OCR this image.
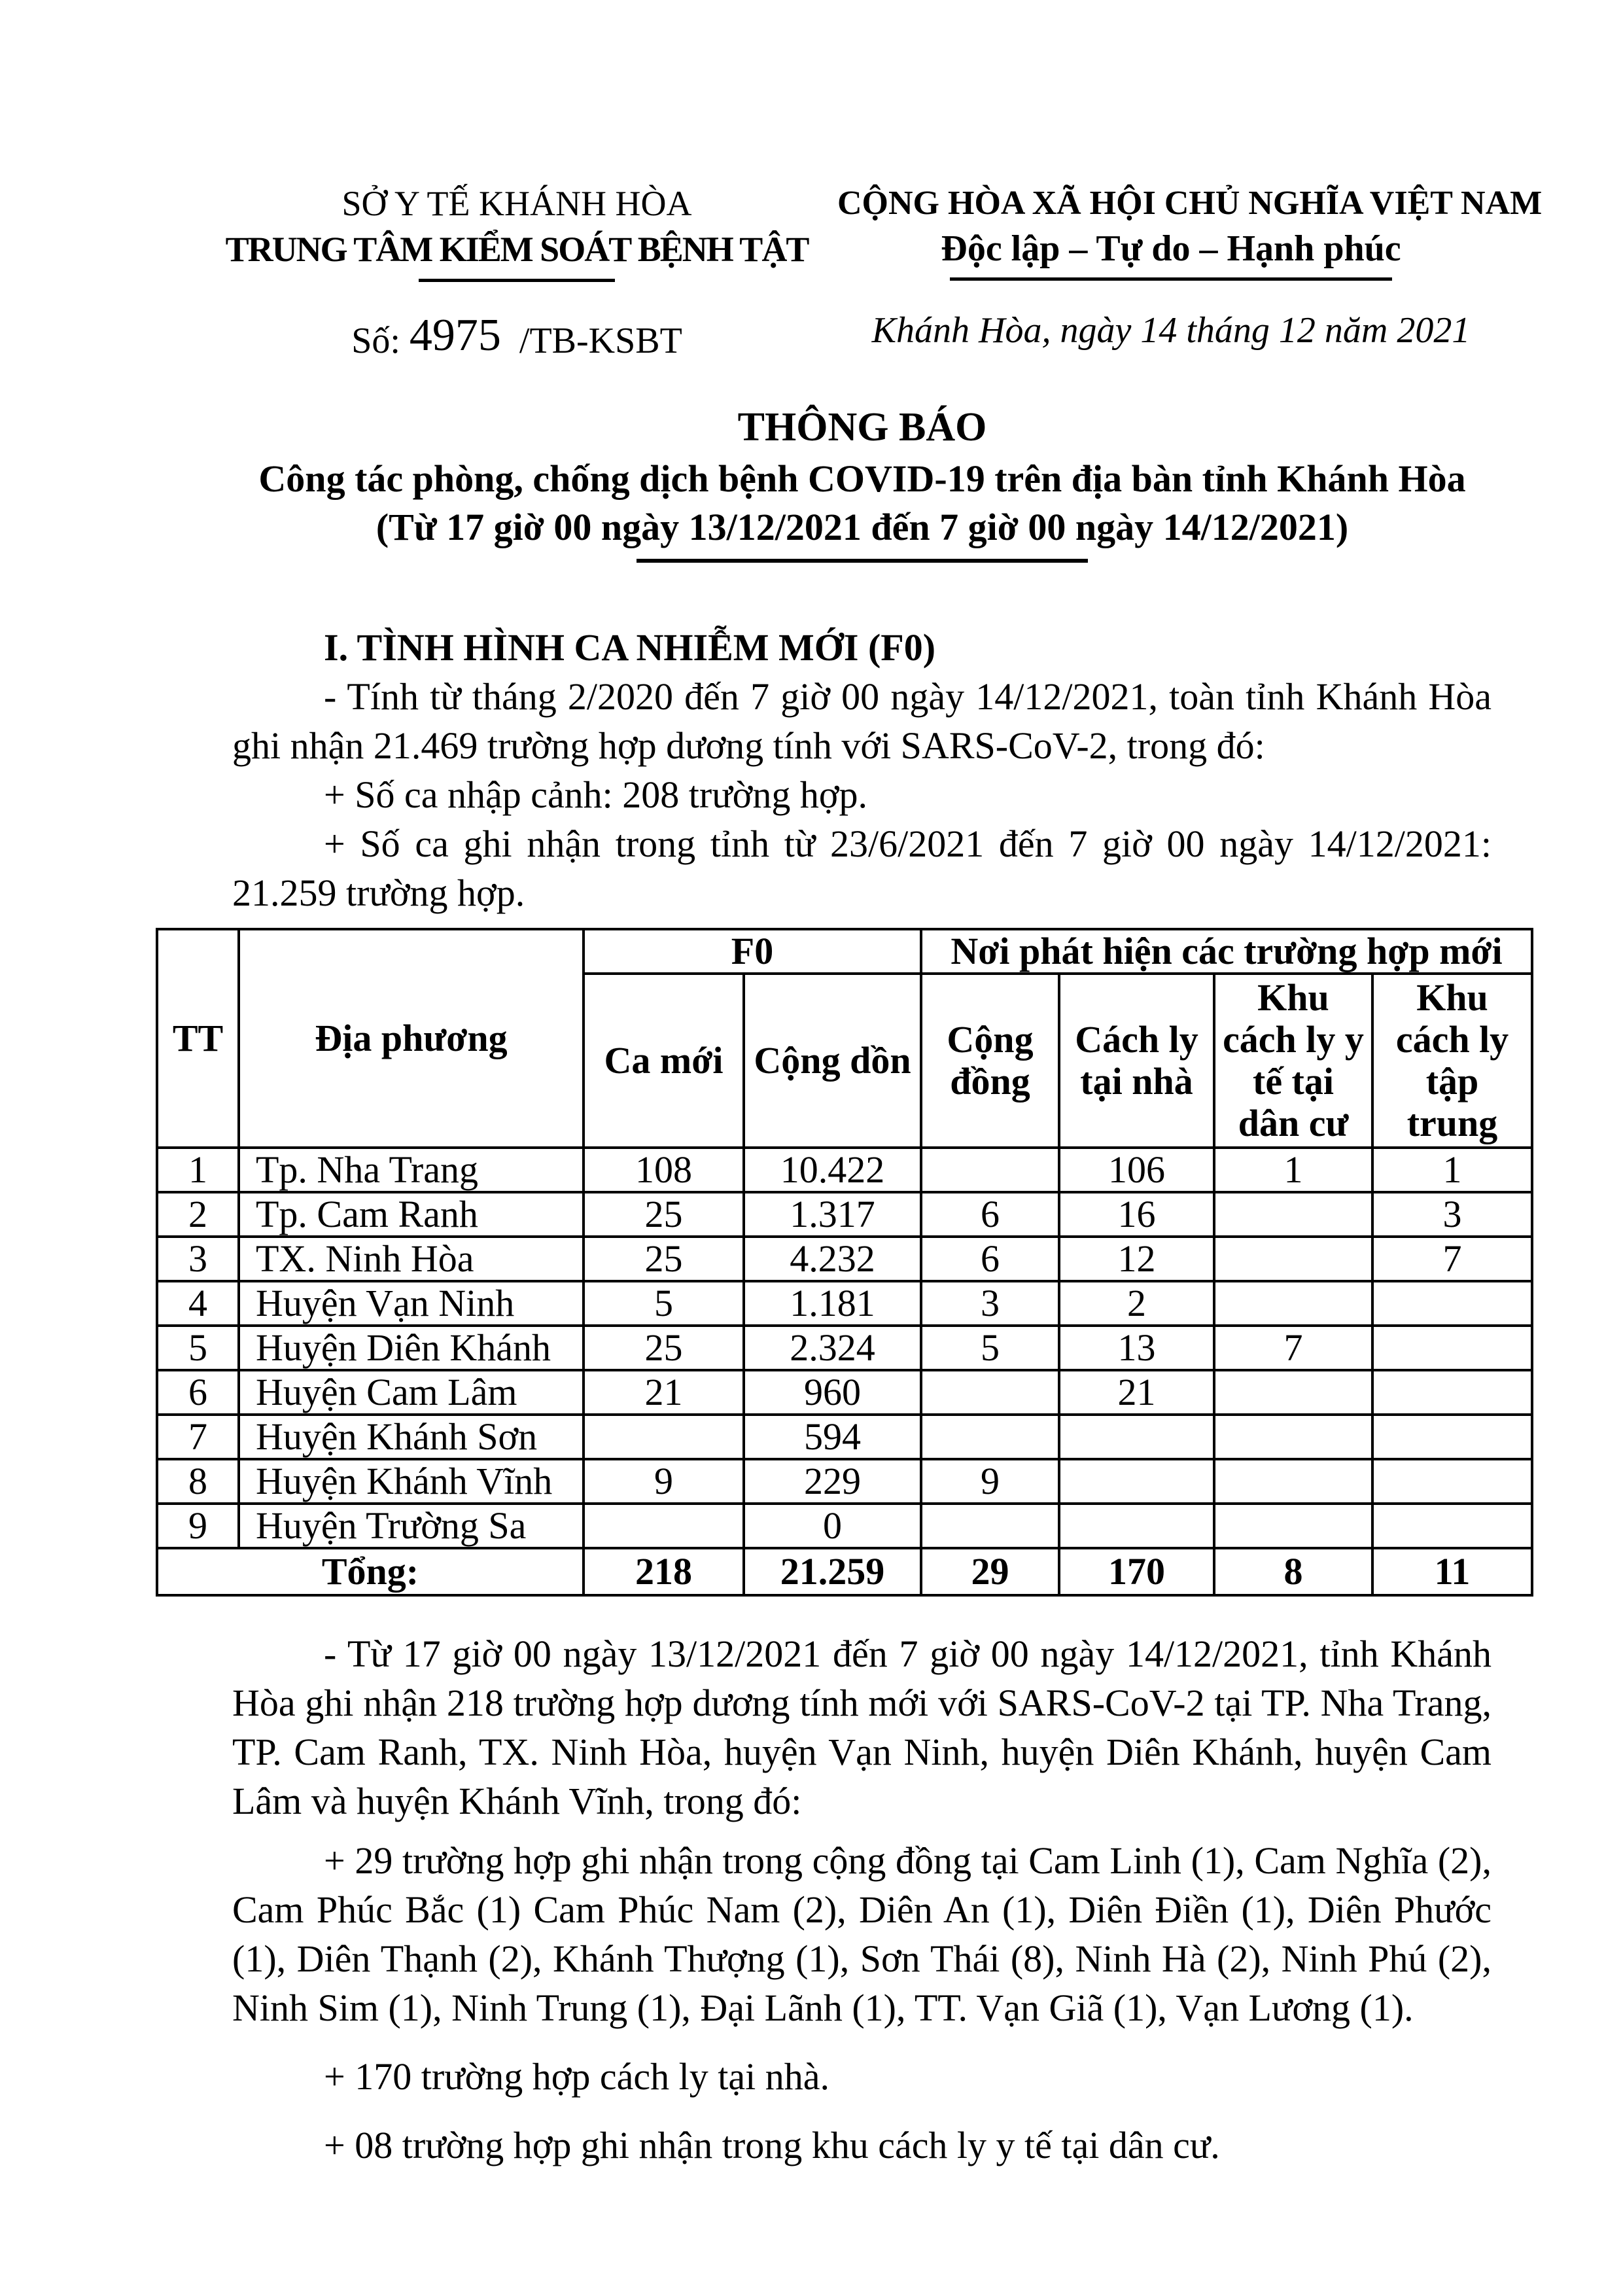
SỞ Y TẾ KHÁNH HÒA
TRUNG TÂM KIỂM SOÁT BỆNH TẬT
Số: 4975 /TB-KSBT
CỘNG HÒA XÃ HỘI CHỦ NGHĨA VIỆT NAM
Độc lập – Tự do – Hạnh phúc
Khánh Hòa, ngày 14 tháng 12 năm 2021
THÔNG BÁO
Công tác phòng, chống dịch bệnh COVID-19 trên địa bàn tỉnh Khánh Hòa
(Từ 17 giờ 00 ngày 13/12/2021 đến 7 giờ 00 ngày 14/12/2021)
I. TÌNH HÌNH CA NHIỄM MỚI (F0)

- Tính từ tháng 2/2020 đến 7 giờ 00 ngày 14/12/2021, toàn tỉnh Khánh Hòa ghi nhận 21.469 trường hợp dương tính với SARS-CoV-2, trong đó:

+ Số ca nhập cảnh: 208 trường hợp.

+ Số ca ghi nhận trong tỉnh từ 23/6/2021 đến 7 giờ 00 ngày 14/12/2021: 21.259 trường hợp.

TT	Địa phương	F0		Nơi phát hiện các trường hợp mới			
		Ca mới	Cộng dồn	Cộng đồng	Cách ly tại nhà	Khu cách ly y tế tại dân cư	Khu cách ly tập trung
1	Tp. Nha Trang	108	10.422		106	1	1
2	Tp. Cam Ranh	25	1.317	6	16		3
3	TX. Ninh Hòa	25	4.232	6	12		7
4	Huyện Vạn Ninh	5	1.181	3	2		
5	Huyện Diên Khánh	25	2.324	5	13	7	
6	Huyện Cam Lâm	21	960		21		
7	Huyện Khánh Sơn		594				
8	Huyện Khánh Vĩnh	9	229	9			
9	Huyện Trường Sa		0				
Tổng:		218	21.259	29	170	8	11

- Từ 17 giờ 00 ngày 13/12/2021 đến 7 giờ 00 ngày 14/12/2021, tỉnh Khánh Hòa ghi nhận 218 trường hợp dương tính mới với SARS-CoV-2 tại TP. Nha Trang, TP. Cam Ranh, TX. Ninh Hòa, huyện Vạn Ninh, huyện Diên Khánh, huyện Cam Lâm và huyện Khánh Vĩnh, trong đó:

+ 29 trường hợp ghi nhận trong cộng đồng tại Cam Linh (1), Cam Nghĩa (2), Cam Phúc Bắc (1) Cam Phúc Nam (2), Diên An (1), Diên Điền (1), Diên Phước (1), Diên Thạnh (2), Khánh Thượng (1), Sơn Thái (8), Ninh Hà (2), Ninh Phú (2), Ninh Sim (1), Ninh Trung (1), Đại Lãnh (1), TT. Vạn Giã (1), Vạn Lương (1).

+ 170 trường hợp cách ly tại nhà.

+ 08 trường hợp ghi nhận trong khu cách ly y tế tại dân cư.
